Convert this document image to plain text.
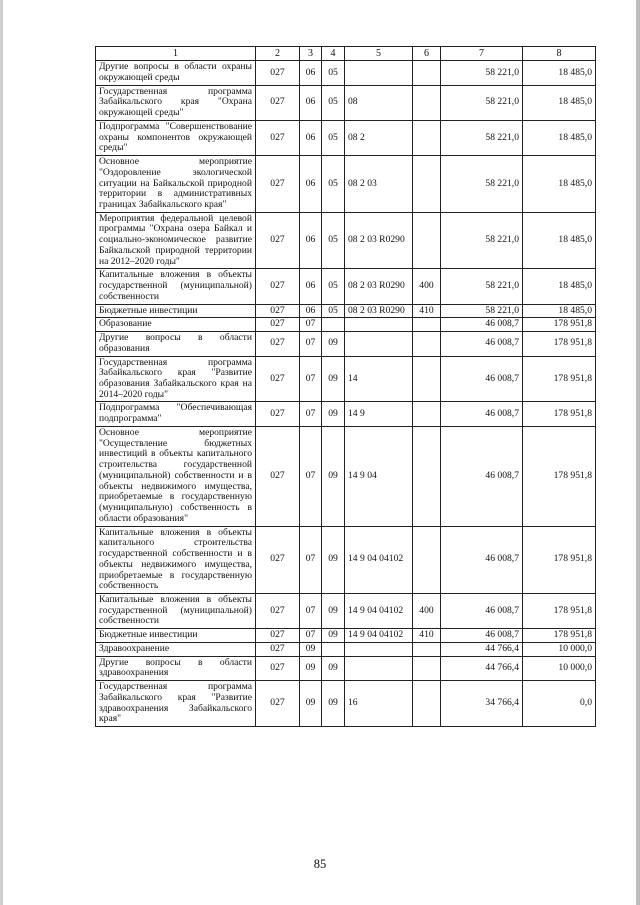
1	2	3	4	5	6	7	8
Другие вопросы в области охраны окружающей среды	027	06	05			58 221,0	18 485,0
Государственная программа Забайкальского края "Охрана окружающей среды"	027	06	05	08		58 221,0	18 485,0
Подпрограмма "Совершенствование охраны компонентов окружающей среды"	027	06	05	08 2		58 221,0	18 485,0
Основное мероприятие "Оздоровление экологической ситуации на Байкальской природной территории в административных границах Забайкальского края"	027	06	05	08 2 03		58 221,0	18 485,0
Мероприятия федеральной целевой программы "Охрана озера Байкал и социально-экономическое развитие Байкальской природной территории на 2012–2020 годы"	027	06	05	08 2 03 R0290		58 221,0	18 485,0
Капитальные вложения в объекты государственной (муниципальной) собственности	027	06	05	08 2 03 R0290	400	58 221,0	18 485,0
Бюджетные инвестиции	027	06	05	08 2 03 R0290	410	58 221,0	18 485,0
Образование	027	07				46 008,7	178 951,8
Другие вопросы в области образования	027	07	09			46 008,7	178 951,8
Государственная программа Забайкальского края "Развитие образования Забайкальского края на 2014–2020 годы"	027	07	09	14		46 008,7	178 951,8
Подпрограмма "Обеспечивающая подпрограмма"	027	07	09	14 9		46 008,7	178 951,8
Основное мероприятие "Осуществление бюджетных инвестиций в объекты капитального строительства государственной (муниципальной) собственности и в объекты недвижимого имущества, приобретаемые в государственную (муниципальную) собственность в области образования"	027	07	09	14 9 04		46 008,7	178 951,8
Капитальные вложения в объекты капитального строительства государственной собственности и в объекты недвижимого имущества, приобретаемые в государственную собственность	027	07	09	14 9 04 04102		46 008,7	178 951,8
Капитальные вложения в объекты государственной (муниципальной) собственности	027	07	09	14 9 04 04102	400	46 008,7	178 951,8
Бюджетные инвестиции	027	07	09	14 9 04 04102	410	46 008,7	178 951,8
Здравоохранение	027	09				44 766,4	10 000,0
Другие вопросы в области здравоохранения	027	09	09			44 766,4	10 000,0
Государственная программа Забайкальского края "Развитие здравоохранения Забайкальского края"	027	09	09	16		34 766,4	0,0
85
